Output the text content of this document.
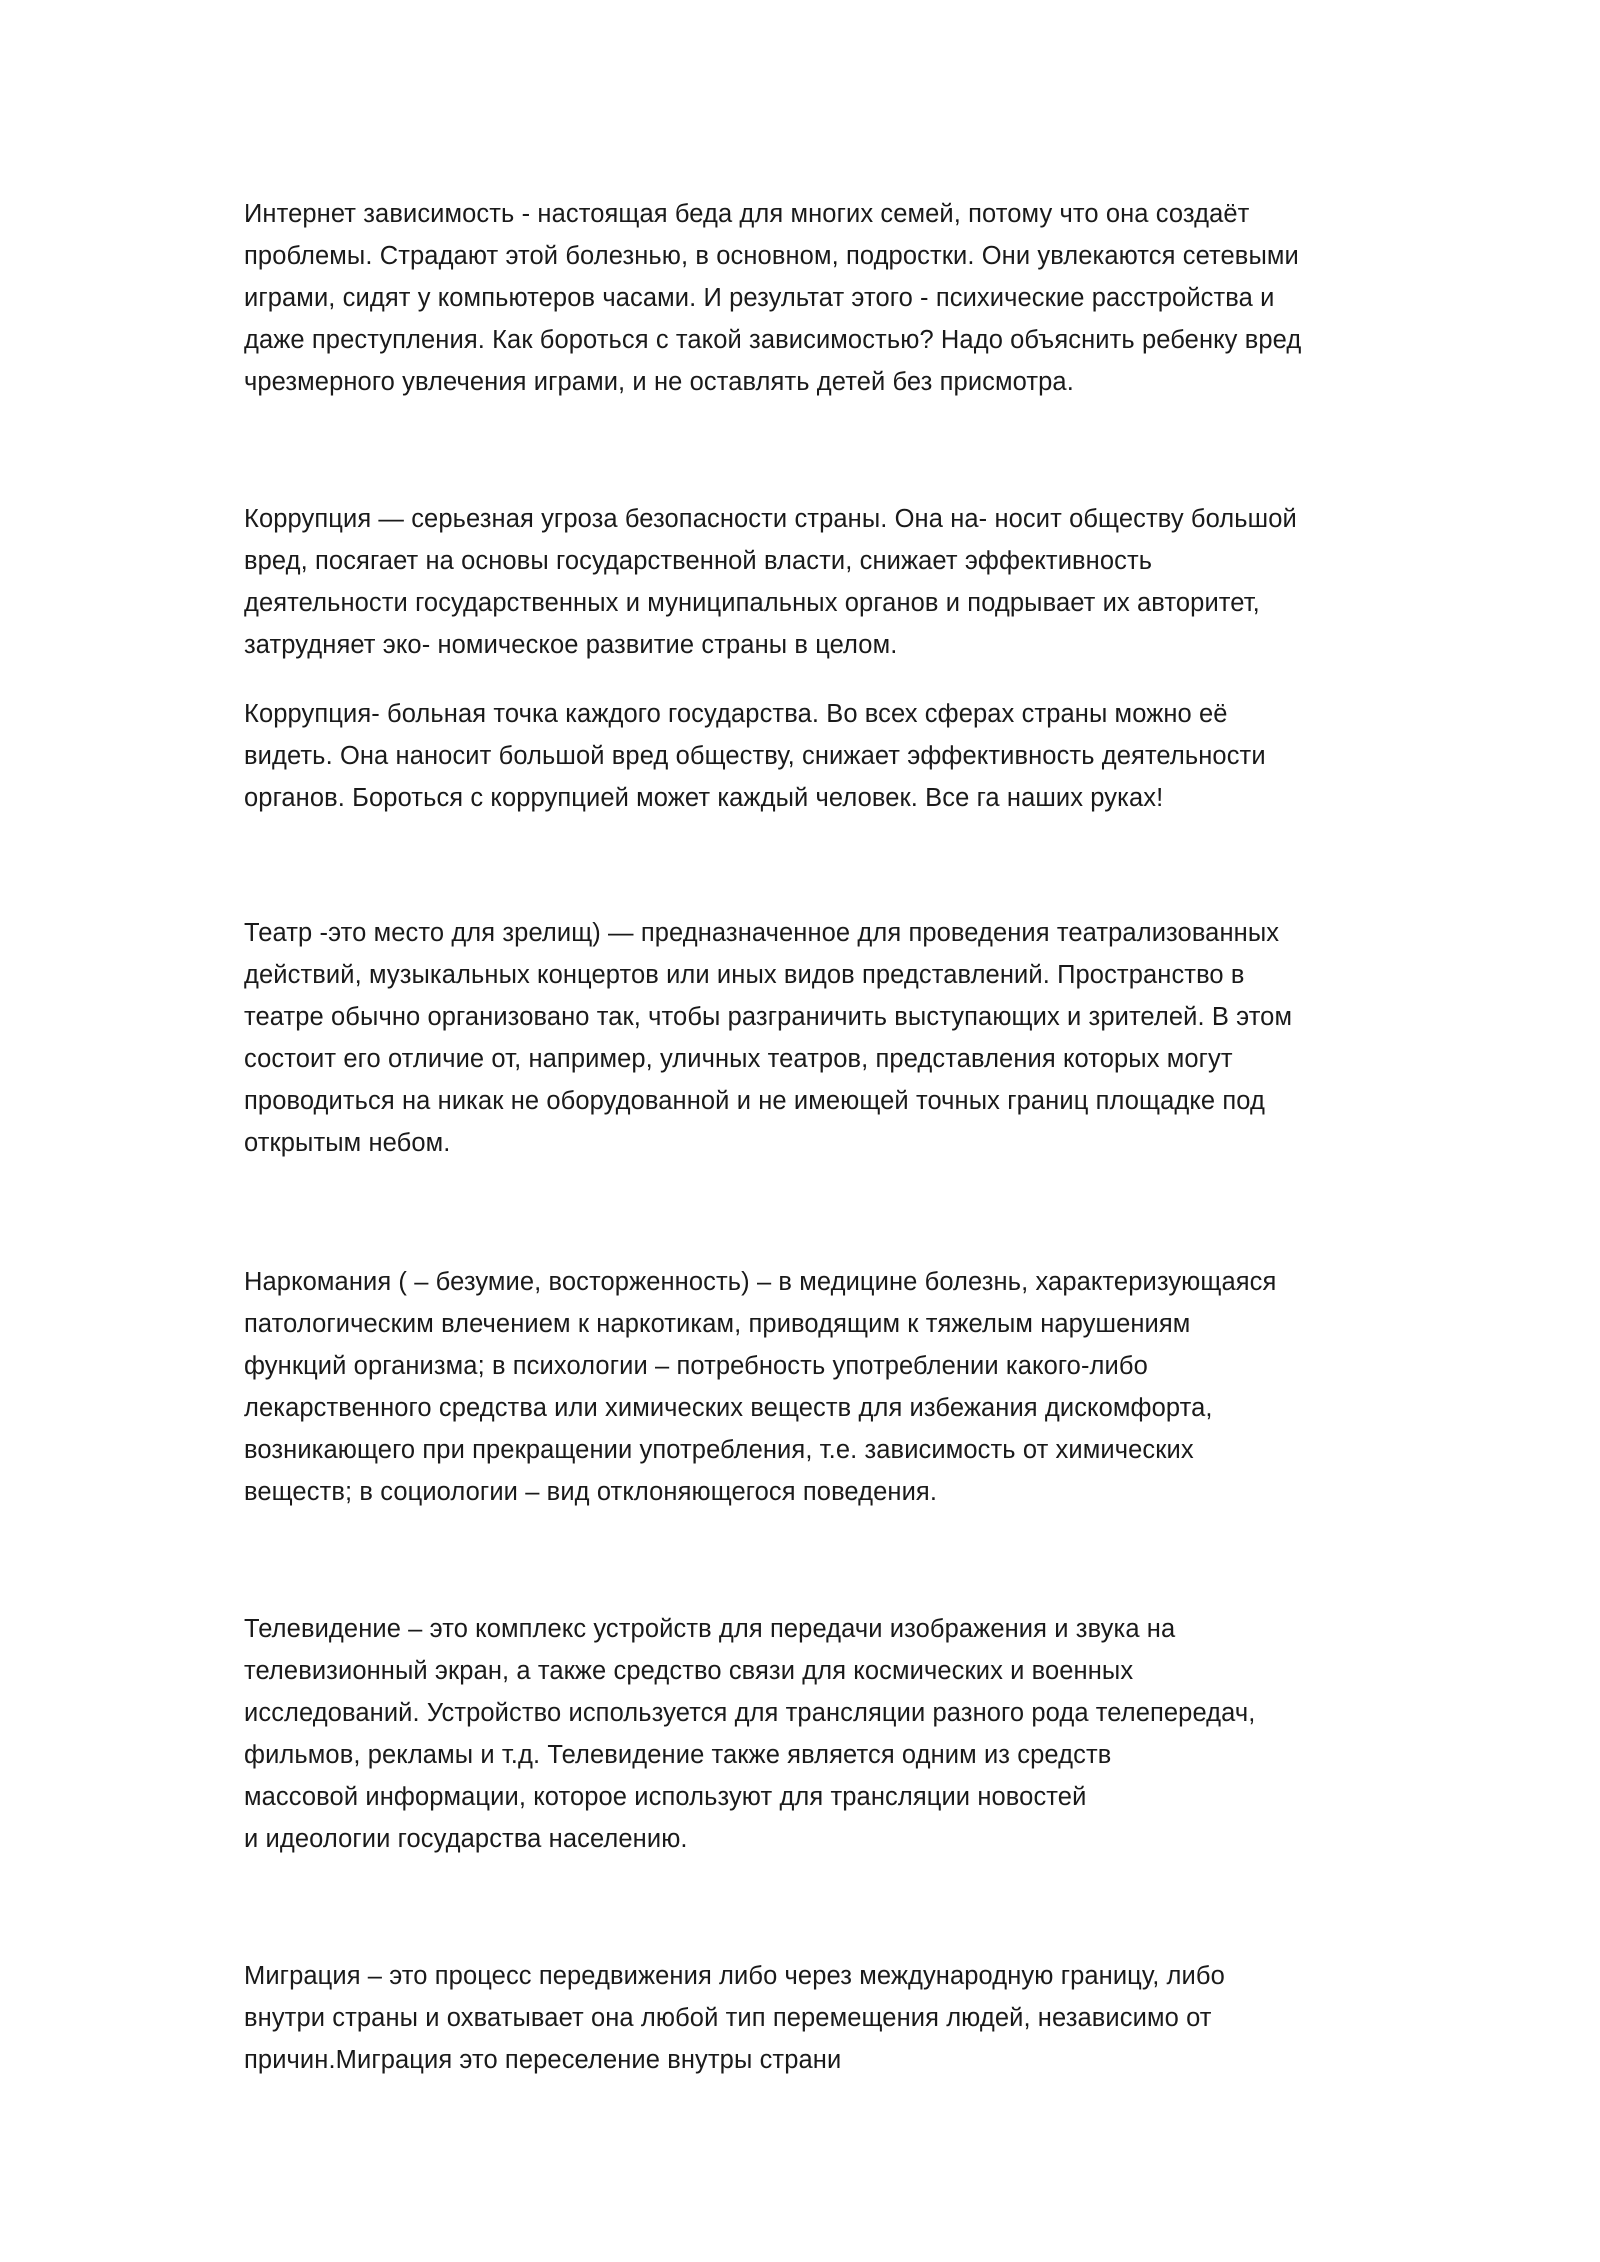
Интернет зависимость - настоящая беда для многих семей, потому что она создаёт
проблемы. Страдают этой болезнью, в основном, подростки. Они увлекаются сетевыми
играми, сидят у компьютеров часами. И результат этого - психические расстройства и
даже преступления. Как бороться с такой зависимостью? Надо объяснить ребенку вред
чрезмерного увлечения играми, и не оставлять детей без присмотра.

Коррупция — серьезная угроза безопасности страны. Она на- носит обществу большой
вред, посягает на основы государственной власти, снижает эффективность
деятельности государственных и муниципальных органов и подрывает их авторитет,
затрудняет эко- номическое развитие страны в целом.

Коррупция- больная точка каждого государства. Во всех сферах страны можно её
видеть. Она наносит большой вред обществу, снижает эффективность деятельности
органов. Бороться с коррупцией может каждый человек. Все га наших руках!

Театр -это место для зрелищ) — предназначенное для проведения театрализованных
действий, музыкальных концертов или иных видов представлений. Пространство в
театре обычно организовано так, чтобы разграничить выступающих и зрителей. В этом
состоит его отличие от, например, уличных театров, представления которых могут
проводиться на никак не оборудованной и не имеющей точных границ площадке под
открытым небом.

Наркомания ( – безумие, восторженность) – в медицине болезнь, характеризующаяся
патологическим влечением к наркотикам, приводящим к тяжелым нарушениям
функций организма; в психологии – потребность употреблении какого-либо
лекарственного средства или химических веществ для избежания дискомфорта,
возникающего при прекращении употребления, т.е. зависимость от химических
веществ; в социологии – вид отклоняющегося поведения.

Телевидение – это комплекс устройств для передачи изображения и звука на
телевизионный экран, а также средство связи для космических и военных
исследований. Устройство используется для трансляции разного рода телепередач,
фильмов, рекламы и т.д. Телевидение также является одним из средств
массовой информации, которое используют для трансляции новостей
и идеологии государства населению.

Миграция – это процесс передвижения либо через международную границу, либо
внутри страны и охватывает она любой тип перемещения людей, независимо от
причин.Миграция это переселение внутры страни
